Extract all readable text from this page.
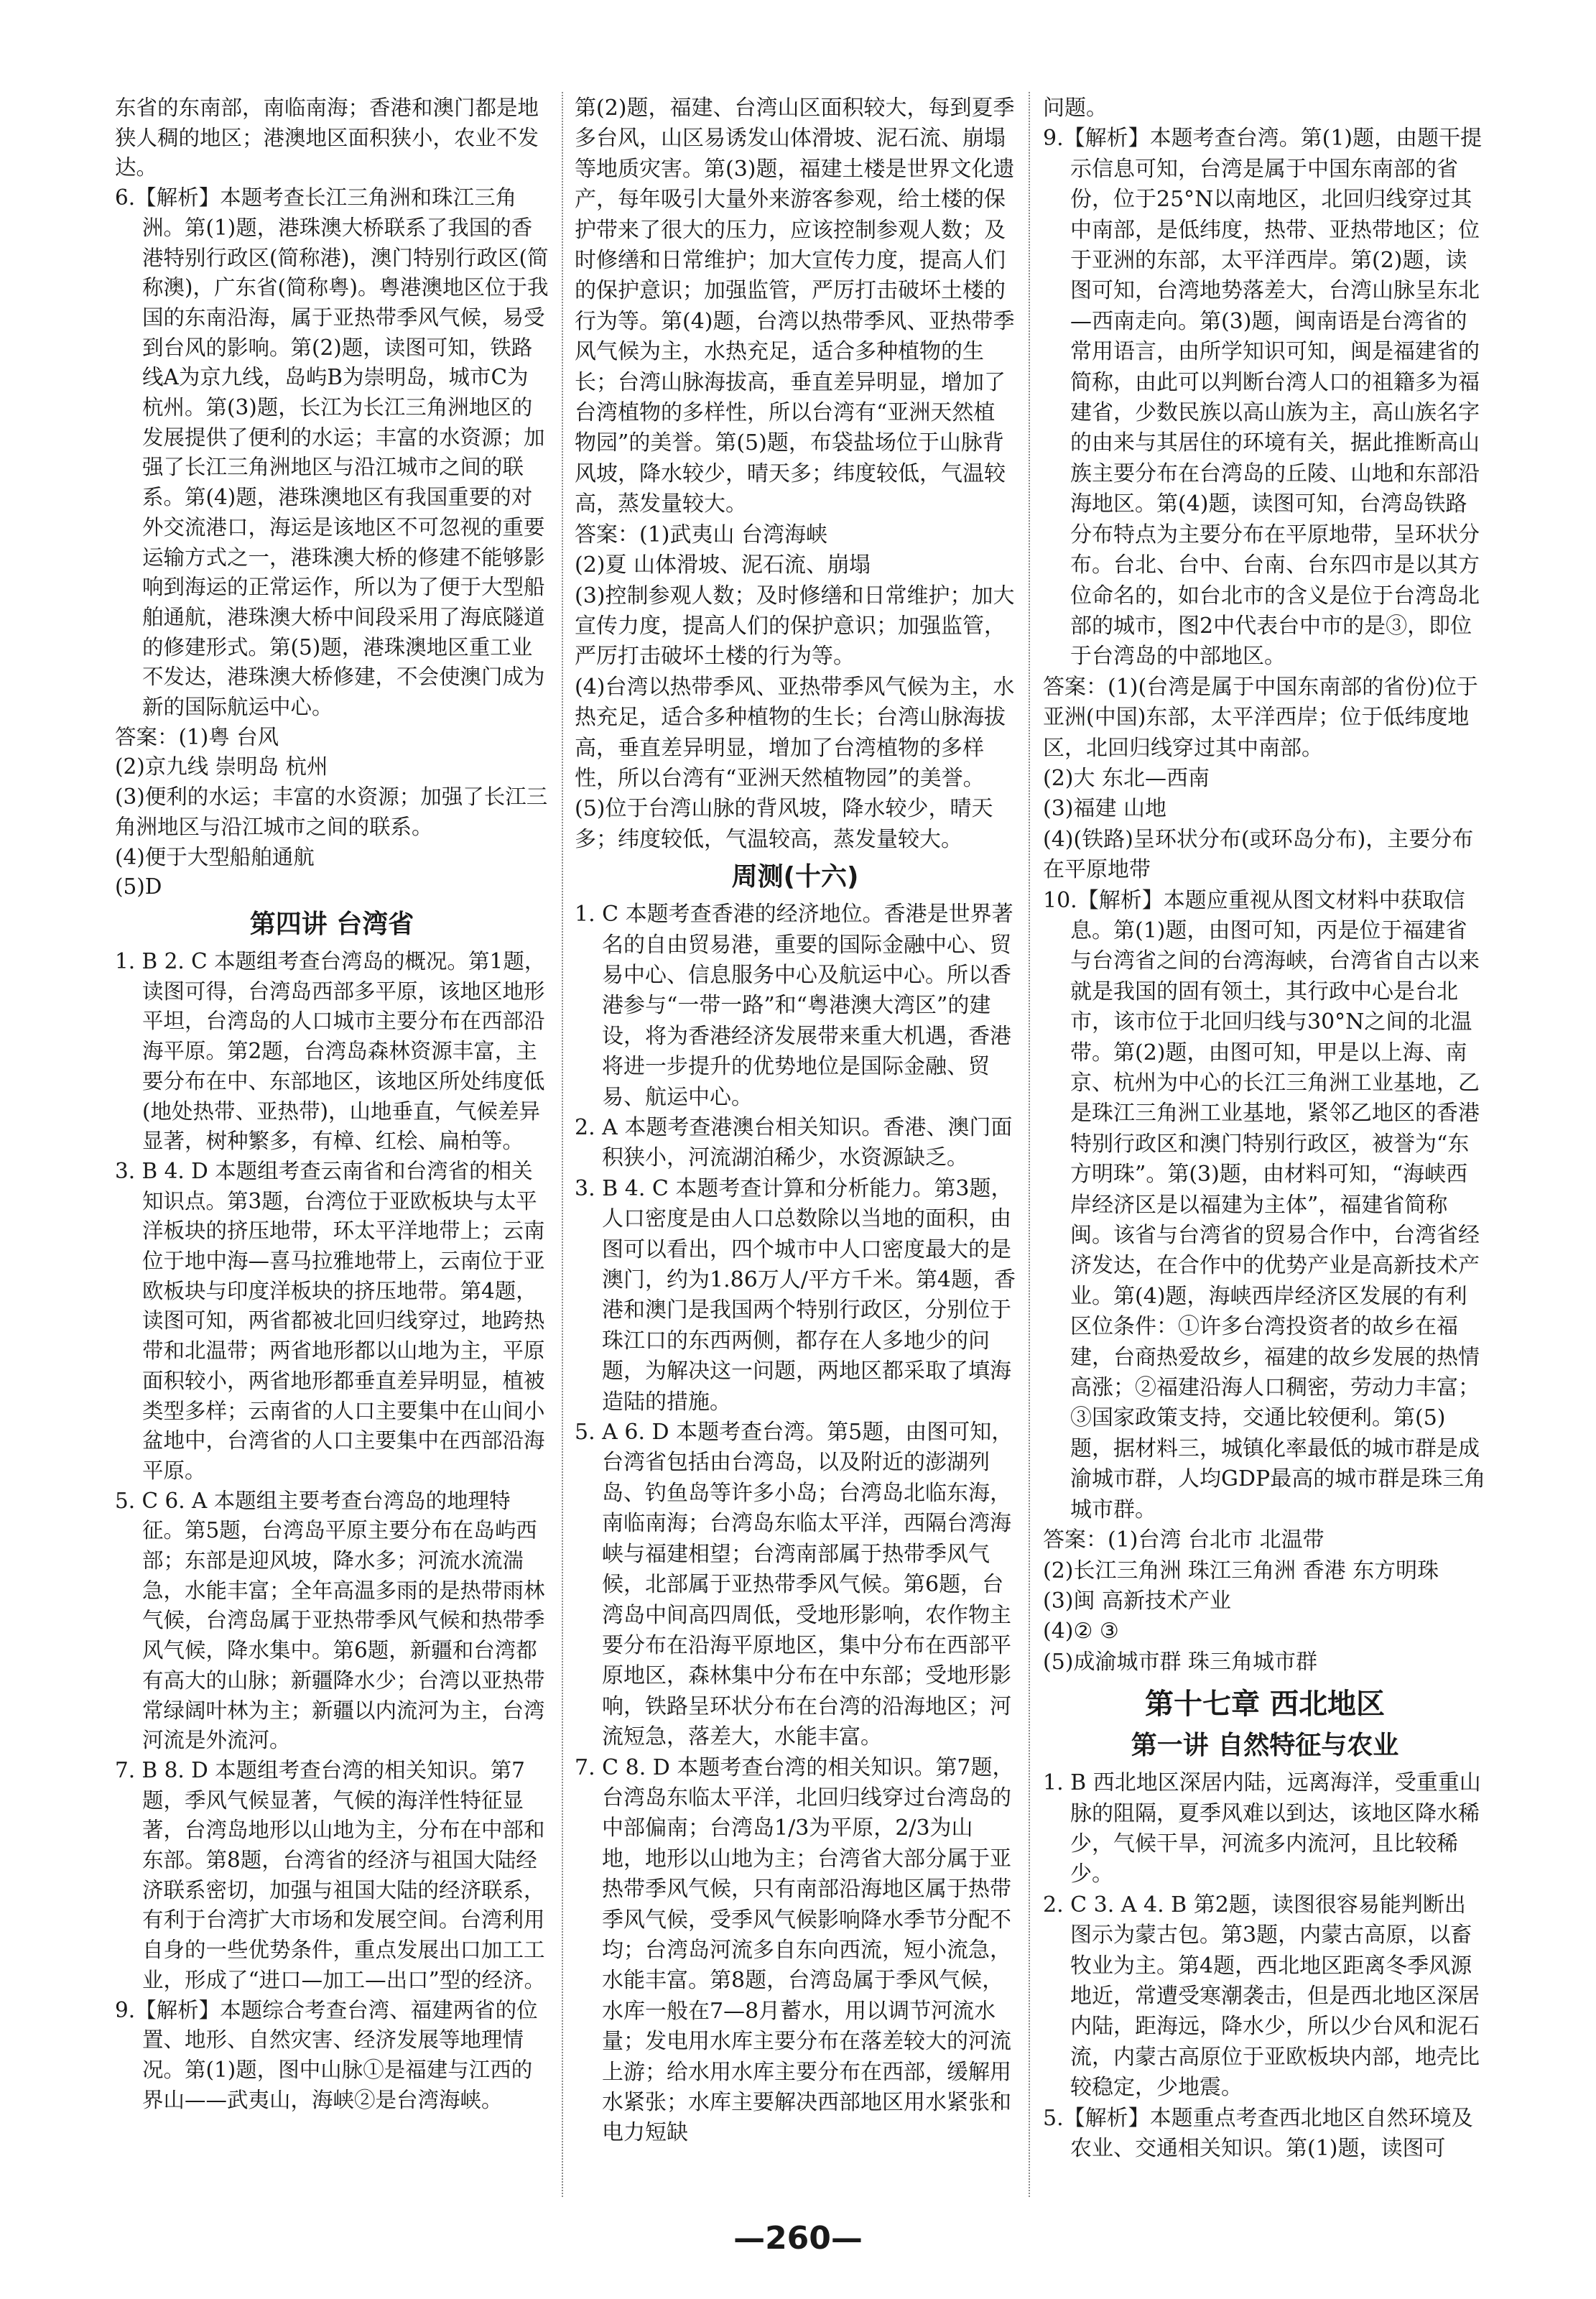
东省的东南部，南临南海；香港和澳门都是地狭人稠的地区；港澳地区面积狭小，农业不发达。

6.【解析】本题考查长江三角洲和珠江三角洲。第(1)题，港珠澳大桥联系了我国的香港特别行政区(简称港)，澳门特别行政区(简称澳)，广东省(简称粤)。粤港澳地区位于我国的东南沿海，属于亚热带季风气候，易受到台风的影响。第(2)题，读图可知，铁路线A为京九线，岛屿B为崇明岛，城市C为杭州。第(3)题，长江为长江三角洲地区的发展提供了便利的水运；丰富的水资源；加强了长江三角洲地区与沿江城市之间的联系。第(4)题，港珠澳地区有我国重要的对外交流港口，海运是该地区不可忽视的重要运输方式之一，港珠澳大桥的修建不能够影响到海运的正常运作，所以为了便于大型船舶通航，港珠澳大桥中间段采用了海底隧道的修建形式。第(5)题，港珠澳地区重工业不发达，港珠澳大桥修建，不会使澳门成为新的国际航运中心。

答案：(1)粤 台风

(2)京九线 崇明岛 杭州

(3)便利的水运；丰富的水资源；加强了长江三角洲地区与沿江城市之间的联系。

(4)便于大型船舶通航

(5)D

第四讲 台湾省

1. B 2. C 本题组考查台湾岛的概况。第1题，读图可得，台湾岛西部多平原，该地区地形平坦，台湾岛的人口城市主要分布在西部沿海平原。第2题，台湾岛森林资源丰富，主要分布在中、东部地区，该地区所处纬度低(地处热带、亚热带)，山地垂直，气候差异显著，树种繁多，有樟、红桧、扁柏等。

3. B 4. D 本题组考查云南省和台湾省的相关知识点。第3题，台湾位于亚欧板块与太平洋板块的挤压地带，环太平洋地带上；云南位于地中海—喜马拉雅地带上，云南位于亚欧板块与印度洋板块的挤压地带。第4题，读图可知，两省都被北回归线穿过，地跨热带和北温带；两省地形都以山地为主，平原面积较小，两省地形都垂直差异明显，植被类型多样；云南省的人口主要集中在山间小盆地中，台湾省的人口主要集中在西部沿海平原。

5. C 6. A 本题组主要考查台湾岛的地理特征。第5题，台湾岛平原主要分布在岛屿西部；东部是迎风坡，降水多；河流水流湍急，水能丰富；全年高温多雨的是热带雨林气候，台湾岛属于亚热带季风气候和热带季风气候，降水集中。第6题，新疆和台湾都有高大的山脉；新疆降水少；台湾以亚热带常绿阔叶林为主；新疆以内流河为主，台湾河流是外流河。

7. B 8. D 本题组考查台湾的相关知识。第7题，季风气候显著，气候的海洋性特征显著，台湾岛地形以山地为主，分布在中部和东部。第8题，台湾省的经济与祖国大陆经济联系密切，加强与祖国大陆的经济联系，有利于台湾扩大市场和发展空间。台湾利用自身的一些优势条件，重点发展出口加工工业，形成了“进口—加工—出口”型的经济。

9.【解析】本题综合考查台湾、福建两省的位置、地形、自然灾害、经济发展等地理情况。第(1)题，图中山脉①是福建与江西的界山——武夷山，海峡②是台湾海峡。

第(2)题，福建、台湾山区面积较大，每到夏季多台风，山区易诱发山体滑坡、泥石流、崩塌等地质灾害。第(3)题，福建土楼是世界文化遗产，每年吸引大量外来游客参观，给土楼的保护带来了很大的压力，应该控制参观人数；及时修缮和日常维护；加大宣传力度，提高人们的保护意识；加强监管，严厉打击破坏土楼的行为等。第(4)题，台湾以热带季风、亚热带季风气候为主，水热充足，适合多种植物的生长；台湾山脉海拔高，垂直差异明显，增加了台湾植物的多样性，所以台湾有“亚洲天然植物园”的美誉。第(5)题，布袋盐场位于山脉背风坡，降水较少，晴天多；纬度较低，气温较高，蒸发量较大。

答案：(1)武夷山 台湾海峡

(2)夏 山体滑坡、泥石流、崩塌

(3)控制参观人数；及时修缮和日常维护；加大宣传力度，提高人们的保护意识；加强监管，严厉打击破坏土楼的行为等。

(4)台湾以热带季风、亚热带季风气候为主，水热充足，适合多种植物的生长；台湾山脉海拔高，垂直差异明显，增加了台湾植物的多样性，所以台湾有“亚洲天然植物园”的美誉。

(5)位于台湾山脉的背风坡，降水较少，晴天多；纬度较低，气温较高，蒸发量较大。

周测(十六)

1. C 本题考查香港的经济地位。香港是世界著名的自由贸易港，重要的国际金融中心、贸易中心、信息服务中心及航运中心。所以香港参与“一带一路”和“粤港澳大湾区”的建设，将为香港经济发展带来重大机遇，香港将进一步提升的优势地位是国际金融、贸易、航运中心。

2. A 本题考查港澳台相关知识。香港、澳门面积狭小，河流湖泊稀少，水资源缺乏。

3. B 4. C 本题考查计算和分析能力。第3题，人口密度是由人口总数除以当地的面积，由图可以看出，四个城市中人口密度最大的是澳门，约为1.86万人/平方千米。第4题，香港和澳门是我国两个特别行政区，分别位于珠江口的东西两侧，都存在人多地少的问题，为解决这一问题，两地区都采取了填海造陆的措施。

5. A 6. D 本题考查台湾。第5题，由图可知，台湾省包括由台湾岛，以及附近的澎湖列岛、钓鱼岛等许多小岛；台湾岛北临东海，南临南海；台湾岛东临太平洋，西隔台湾海峡与福建相望；台湾南部属于热带季风气候，北部属于亚热带季风气候。第6题，台湾岛中间高四周低，受地形影响，农作物主要分布在沿海平原地区，集中分布在西部平原地区，森林集中分布在中东部；受地形影响，铁路呈环状分布在台湾的沿海地区；河流短急，落差大，水能丰富。

7. C 8. D 本题考查台湾的相关知识。第7题，台湾岛东临太平洋，北回归线穿过台湾岛的中部偏南；台湾岛1/3为平原，2/3为山地，地形以山地为主；台湾省大部分属于亚热带季风气候，只有南部沿海地区属于热带季风气候，受季风气候影响降水季节分配不均；台湾岛河流多自东向西流，短小流急，水能丰富。第8题，台湾岛属于季风气候，水库一般在7—8月蓄水，用以调节河流水量；发电用水库主要分布在落差较大的河流上游；给水用水库主要分布在西部，缓解用水紧张；水库主要解决西部地区用水紧张和电力短缺

问题。

9.【解析】本题考查台湾。第(1)题，由题干提示信息可知，台湾是属于中国东南部的省份，位于25°N以南地区，北回归线穿过其中南部，是低纬度，热带、亚热带地区；位于亚洲的东部，太平洋西岸。第(2)题，读图可知，台湾地势落差大，台湾山脉呈东北—西南走向。第(3)题，闽南语是台湾省的常用语言，由所学知识可知，闽是福建省的简称，由此可以判断台湾人口的祖籍多为福建省，少数民族以高山族为主，高山族名字的由来与其居住的环境有关，据此推断高山族主要分布在台湾岛的丘陵、山地和东部沿海地区。第(4)题，读图可知，台湾岛铁路分布特点为主要分布在平原地带，呈环状分布。台北、台中、台南、台东四市是以其方位命名的，如台北市的含义是位于台湾岛北部的城市，图2中代表台中市的是③，即位于台湾岛的中部地区。

答案：(1)(台湾是属于中国东南部的省份)位于亚洲(中国)东部，太平洋西岸；位于低纬度地区，北回归线穿过其中南部。

(2)大 东北—西南

(3)福建 山地

(4)(铁路)呈环状分布(或环岛分布)，主要分布在平原地带

10.【解析】本题应重视从图文材料中获取信息。第(1)题，由图可知，丙是位于福建省与台湾省之间的台湾海峡，台湾省自古以来就是我国的固有领土，其行政中心是台北市，该市位于北回归线与30°N之间的北温带。第(2)题，由图可知，甲是以上海、南京、杭州为中心的长江三角洲工业基地，乙是珠江三角洲工业基地，紧邻乙地区的香港特别行政区和澳门特别行政区，被誉为“东方明珠”。第(3)题，由材料可知，“海峡西岸经济区是以福建为主体”，福建省简称闽。该省与台湾省的贸易合作中，台湾省经济发达，在合作中的优势产业是高新技术产业。第(4)题，海峡西岸经济区发展的有利区位条件：①许多台湾投资者的故乡在福建，台商热爱故乡，福建的故乡发展的热情高涨；②福建沿海人口稠密，劳动力丰富；③国家政策支持，交通比较便利。第(5)题，据材料三，城镇化率最低的城市群是成渝城市群，人均GDP最高的城市群是珠三角城市群。

答案：(1)台湾 台北市 北温带

(2)长江三角洲 珠江三角洲 香港 东方明珠

(3)闽 高新技术产业

(4)② ③

(5)成渝城市群 珠三角城市群

第十七章 西北地区

第一讲 自然特征与农业

1. B 西北地区深居内陆，远离海洋，受重重山脉的阻隔，夏季风难以到达，该地区降水稀少，气候干旱，河流多内流河，且比较稀少。

2. C 3. A 4. B 第2题，读图很容易能判断出图示为蒙古包。第3题，内蒙古高原，以畜牧业为主。第4题，西北地区距离冬季风源地近，常遭受寒潮袭击，但是西北地区深居内陆，距海远，降水少，所以少台风和泥石流，内蒙古高原位于亚欧板块内部，地壳比较稳定，少地震。

5.【解析】本题重点考查西北地区自然环境及农业、交通相关知识。第(1)题，读图可

—260—
